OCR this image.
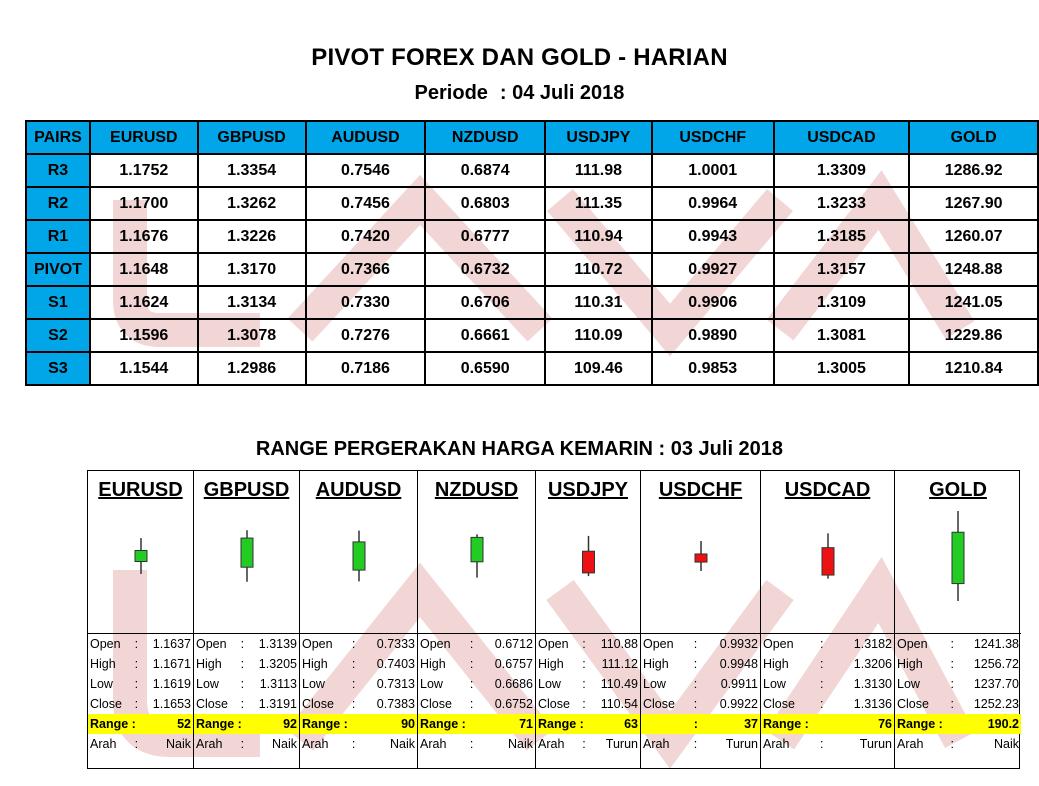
PIVOT FOREX DAN GOLD - HARIAN
Periode : 04 Juli 2018
PAIRS	EURUSD	GBPUSD	AUDUSD	NZDUSD	USDJPY	USDCHF	USDCAD	GOLD
R3	1.1752	1.3354	0.7546	0.6874	111.98	1.0001	1.3309	1286.92
R2	1.1700	1.3262	0.7456	0.6803	111.35	0.9964	1.3233	1267.90
R1	1.1676	1.3226	0.7420	0.6777	110.94	0.9943	1.3185	1260.07
PIVOT	1.1648	1.3170	0.7366	0.6732	110.72	0.9927	1.3157	1248.88
S1	1.1624	1.3134	0.7330	0.6706	110.31	0.9906	1.3109	1241.05
S2	1.1596	1.3078	0.7276	0.6661	110.09	0.9890	1.3081	1229.86
S3	1.1544	1.2986	0.7186	0.6590	109.46	0.9853	1.3005	1210.84
RANGE PERGERAKAN HARGA KEMARIN : 03 Juli 2018
EURUSD
Open : 1.1637
High : 1.1671
Low : 1.1619
Close : 1.1653
Range :	52
Arah : Naik
GBPUSD
Open : 1.3139
High : 1.3205
Low : 1.3113
Close : 1.3191
Range :	92
Arah : Naik
AUDUSD
Open : 0.7333
High : 0.7403
Low : 0.7313
Close : 0.7383
Range :	90
Arah :	Naik
NZDUSD
Open : 0.6712
High : 0.6757
Low : 0.6686
Close : 0.6752
Range :	71
Arah :	Naik
USDJPY
Open : 110.88
High : 111.12
Low : 110.49
Close : 110.54
Range :	63
Arah : Turun
USDCHF
Open : 0.9932
High : 0.9948
Low : 0.9911
Close : 0.9922
:	37
Arah : Turun
USDCAD
Open : 1.3182
High : 1.3206
Low	: 1.3130
Close : 1.3136
Range :	76
Arah :	Turun
GOLD
Open : 1241.38
High : 1256.72
Low : 1237.70
Close : 1252.23
Range :	190.2
Arah :	Naik
